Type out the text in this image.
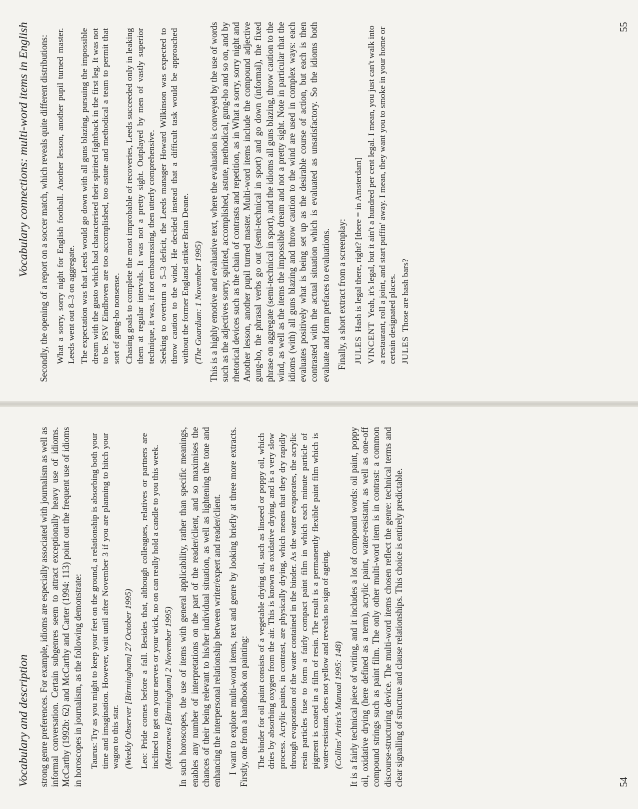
Vocabulary and description strong genre preferences. For example, idioms are especially associated with journalism as well as informal conversation. Certain subgenres seem to attract exceptionally heavy use of idioms. McCarthy (1992b: 62) and McCarthy and Carter (1994: 113) point out the frequent use of idioms in horoscopes in journalism, as the following demonstrate: Taurus: Try as you might to keep your feet on the ground, a relationship is absorbing both your time and imagination. However, wait until after November 3 if you are planning to hitch your wagon to this star. (Weekly Observer [Birmingham] 27 October 1995) Leo: Pride comes before a fall. Besides that, although colleagues, relatives or partners are inclined to get on your nerves or your wick, no on can really hold a candle to you this week. (Metronews [Birmingham] 2 November 1995) In such horoscopes, the use of items with general applicability, rather than specific meanings, enables any number of interpretations on the part of the reader/client, and so maximises the chances of their being relevant to his/her individual situation, as well as lightening the tone and enhancing the interpersonal relationship between writer/expert and reader/client. I want to explore multi-word items, text and genre by looking briefly at three more extracts. Firstly, one from a handbook on painting: The binder for oil paint consists of a vegetable drying oil, such as linseed or poppy oil, which dries by absorbing oxygen from the air. This is known as oxidative drying, and is a very slow process. Acrylic paints, in contrast, are physically drying, which means that they dry rapidly through evaporation of the water contained in the binder. As the water evaporates, the acrylic resin particles fuse to form a fairly compact paint film in which each minute particle of pigment is coated in a film of resin. The result is a permanently flexible paint film which is water-resistant, does not yellow and reveals no sign of ageing. (Collins' Artist's Manual 1995: 148) It is a fairly technical piece of writing, and it includes a lot of compound words: oil paint, poppy oil, oxidative drying (here defined as a term), acrylic paint, water-resistant, as well as one-off compound strings such as paint film. The only other multi-word item is in contrast: a common discourse-structuring device. The multi-word items chosen reflect the genre: technical terms and clear signalling of structure and clause relationships. This choice is entirely predictable.	54
Vocabulary connections: multi-word items in English Secondly, the opening of a report on a soccer match, which reveals quite different distributions: What a sorry, sorry night for English football. Another lesson, another pupil turned master. Leeds went out 8–3 on aggregate. The expectation was that Leeds would go down with all guns blazing, pursuing the impossible dream with the gusto which had characterised their spirited fightback in the first leg. It was not to be. PSV Eindhoven are too accomplished, too astute and methodical a team to permit that sort of gung-ho nonsense. Chasing goals to complete the most improbable of recoveries, Leeds succeeded only in leaking them at regular intervals. It was not a pretty sight. Outplayed by men of vastly superior technique, it was, if not embarrassing, then utterly comprehensive. Seeking to overturn a 5–3 deficit, the Leeds manager Howard Wilkinson was expected to throw caution to the wind. He decided instead that a difficult task would be approached without the former England striker Brian Deane. (The Guardian: 1 November 1995) This is a highly emotive and evaluative text, where the evaluation is conveyed by the use of words such as the adjectives sorry, spirited, accomplished, astute, methodical, gung-ho and so on, and by rhetorical devices such as the chain of contrasts and repetition, as in What a sorry, sorry night and Another lesson, another pupil turned master. Multi-word items include the compound adjective gung-ho, the phrasal verbs go out (semi-technical in sport) and go down (informal), the fixed phrase on aggregate (semi-technical in sport), and the idioms all guns blazing, throw caution to the wind, as well as the items the impossible dream and not a pretty sight. Note in particular that the idioms (with) all guns blazing and throw caution to the wind are used in complex ways: each evaluates positively what is being set up as the desirable course of action, but each is then contrasted with the actual situation which is evaluated as unsatisfactory. So the idioms both evaluate and form prefaces to evaluations. Finally, a short extract from a screenplay: JULESHash is legal there, right? [there = in Amsterdam]
VINCENTYeah, it's legal, but it ain't a hundred per cent legal. I mean, you just can't walk into a restaurant, roll a joint, and start puffin' away. I mean, they want you to smoke in your home or certain designated places. JULESThose are hash bars?
55
